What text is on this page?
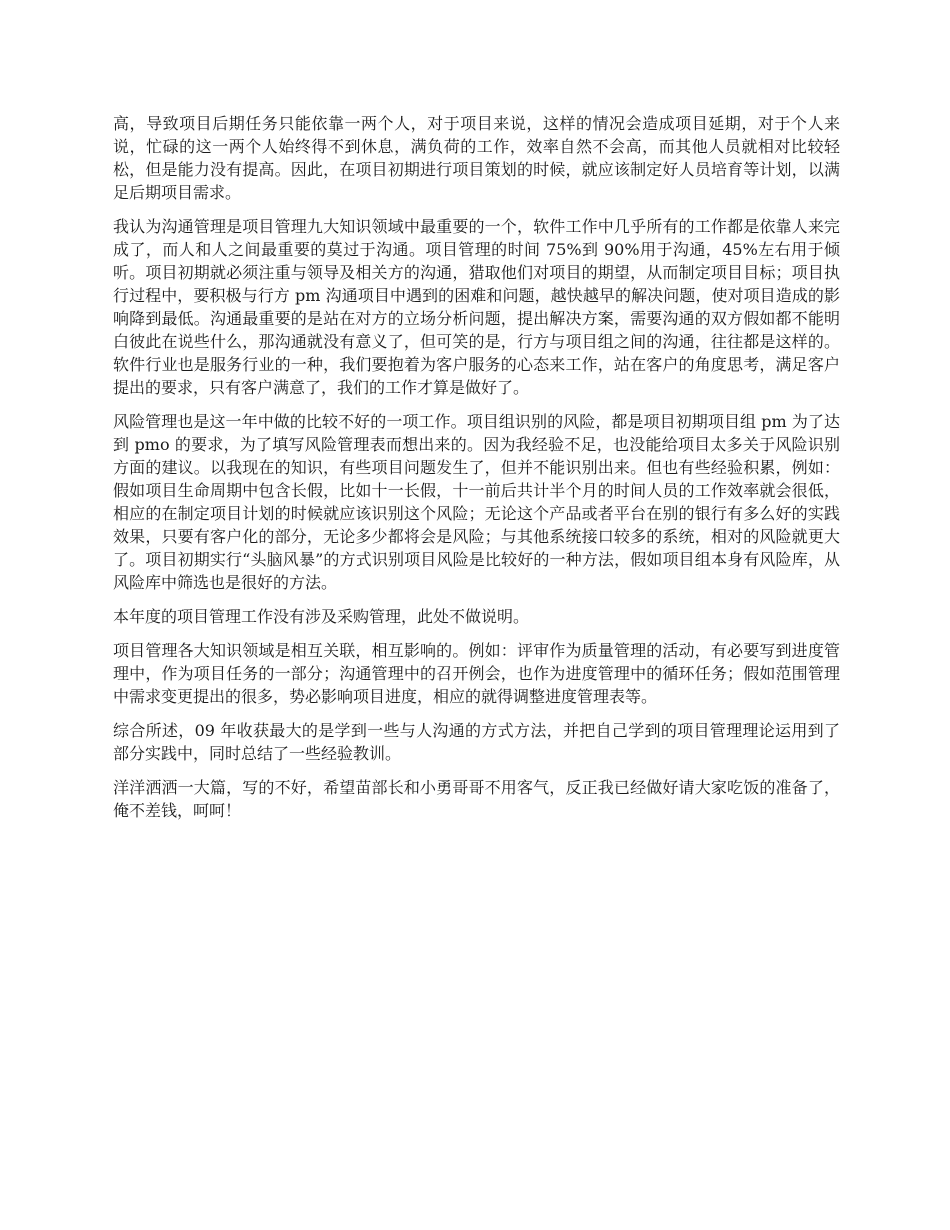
高，导致项目后期任务只能依靠一两个人，对于项目来说，这样的情况会造成项目延期，对于个人来说，忙碌的这一两个人始终得不到休息，满负荷的工作，效率自然不会高，而其他人员就相对比较轻松，但是能力没有提高。因此，在项目初期进行项目策划的时候，就应该制定好人员培育等计划，以满足后期项目需求。

我认为沟通管理是项目管理九大知识领域中最重要的一个，软件工作中几乎所有的工作都是依靠人来完成了，而人和人之间最重要的莫过于沟通。项目管理的时间 75%到 90%用于沟通，45%左右用于倾听。项目初期就必须注重与领导及相关方的沟通，猎取他们对项目的期望，从而制定项目目标；项目执行过程中，要积极与行方 pm 沟通项目中遇到的困难和问题，越快越早的解决问题，使对项目造成的影响降到最低。沟通最重要的是站在对方的立场分析问题，提出解决方案，需要沟通的双方假如都不能明白彼此在说些什么，那沟通就没有意义了，但可笑的是，行方与项目组之间的沟通，往往都是这样的。软件行业也是服务行业的一种，我们要抱着为客户服务的心态来工作，站在客户的角度思考，满足客户提出的要求，只有客户满意了，我们的工作才算是做好了。

风险管理也是这一年中做的比较不好的一项工作。项目组识别的风险，都是项目初期项目组 pm 为了达到 pmo 的要求，为了填写风险管理表而想出来的。因为我经验不足，也没能给项目太多关于风险识别方面的建议。以我现在的知识，有些项目问题发生了，但并不能识别出来。但也有些经验积累，例如：假如项目生命周期中包含长假，比如十一长假，十一前后共计半个月的时间人员的工作效率就会很低，相应的在制定项目计划的时候就应该识别这个风险；无论这个产品或者平台在别的银行有多么好的实践效果，只要有客户化的部分，无论多少都将会是风险；与其他系统接口较多的系统，相对的风险就更大了。项目初期实行“头脑风暴”的方式识别项目风险是比较好的一种方法，假如项目组本身有风险库，从风险库中筛选也是很好的方法。

本年度的项目管理工作没有涉及采购管理，此处不做说明。

项目管理各大知识领域是相互关联，相互影响的。例如：评审作为质量管理的活动，有必要写到进度管理中，作为项目任务的一部分；沟通管理中的召开例会，也作为进度管理中的循环任务；假如范围管理中需求变更提出的很多，势必影响项目进度，相应的就得调整进度管理表等。

综合所述，09 年收获最大的是学到一些与人沟通的方式方法，并把自己学到的项目管理理论运用到了部分实践中，同时总结了一些经验教训。

洋洋洒洒一大篇，写的不好，希望苗部长和小勇哥哥不用客气，反正我已经做好请大家吃饭的准备了，俺不差钱，呵呵！
